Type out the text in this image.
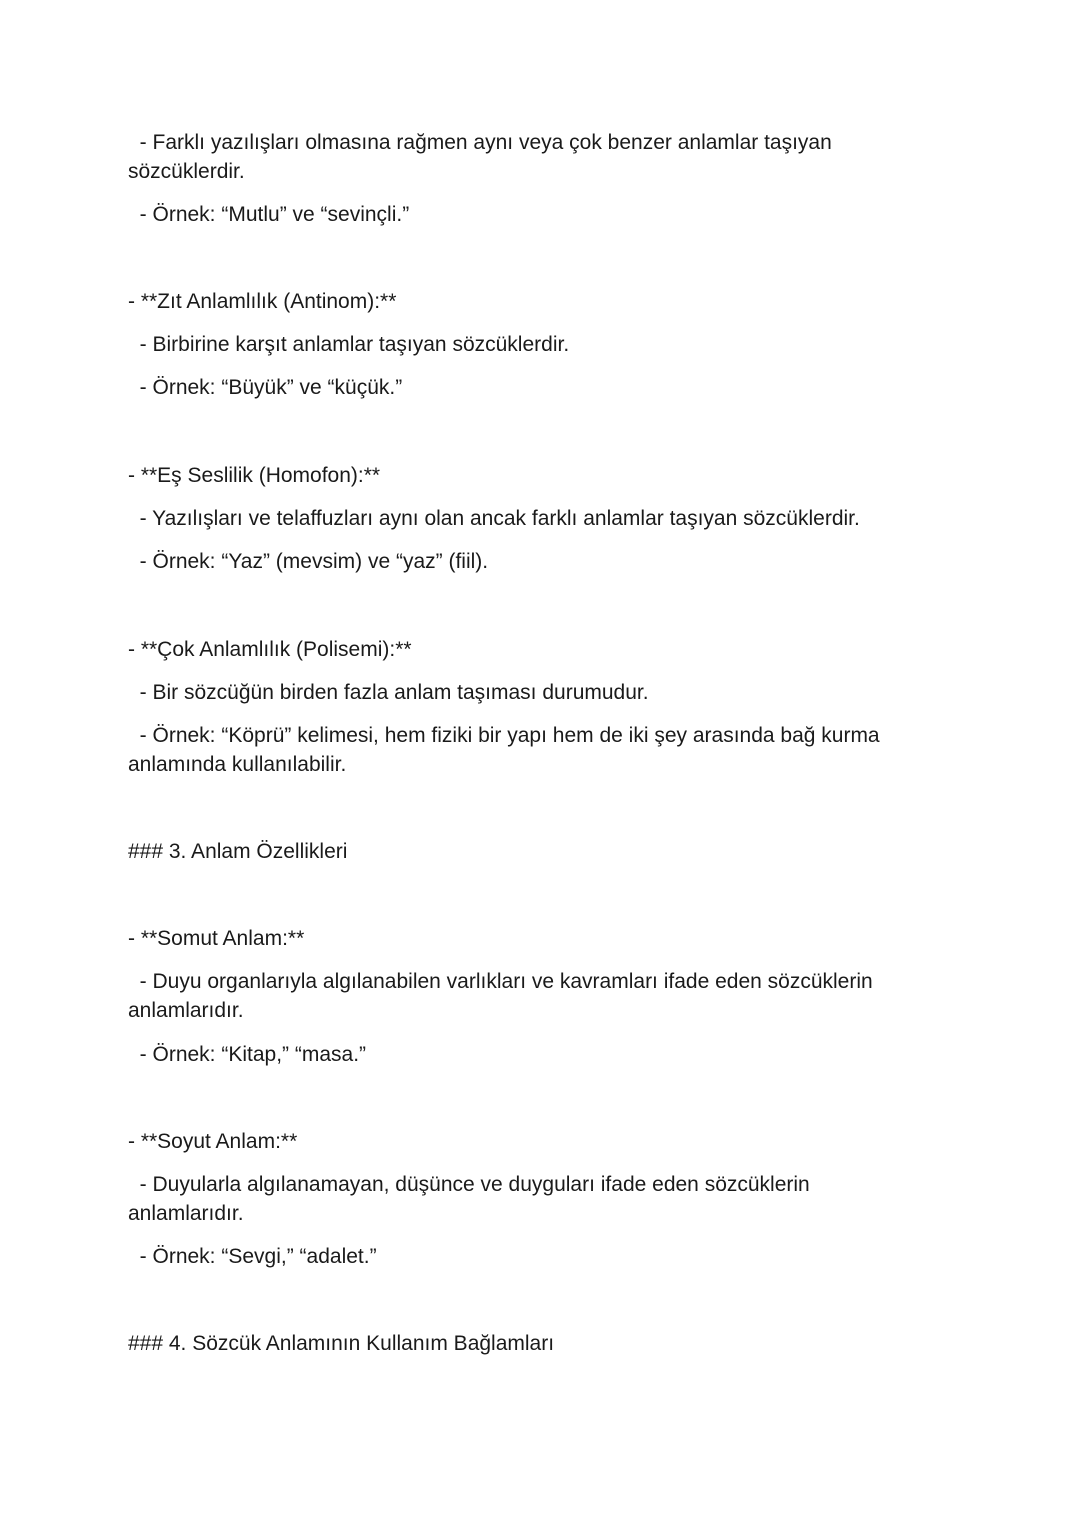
- Farklı yazılışları olmasına rağmen aynı veya çok benzer anlamlar taşıyan
sözcüklerdir.
- Örnek: “Mutlu” ve “sevinçli.”
- **Zıt Anlamlılık (Antinom):**
- Birbirine karşıt anlamlar taşıyan sözcüklerdir.
- Örnek: “Büyük” ve “küçük.”
- **Eş Seslilik (Homofon):**
- Yazılışları ve telaffuzları aynı olan ancak farklı anlamlar taşıyan sözcüklerdir.
- Örnek: “Yaz” (mevsim) ve “yaz” (fiil).
- **Çok Anlamlılık (Polisemi):**
- Bir sözcüğün birden fazla anlam taşıması durumudur.
- Örnek: “Köprü” kelimesi, hem fiziki bir yapı hem de iki şey arasında bağ kurma
anlamında kullanılabilir.
### 3. Anlam Özellikleri
- **Somut Anlam:**
- Duyu organlarıyla algılanabilen varlıkları ve kavramları ifade eden sözcüklerin
anlamlarıdır.
- Örnek: “Kitap,” “masa.”
- **Soyut Anlam:**
- Duyularla algılanamayan, düşünce ve duyguları ifade eden sözcüklerin
anlamlarıdır.
- Örnek: “Sevgi,” “adalet.”
### 4. Sözcük Anlamının Kullanım Bağlamları
